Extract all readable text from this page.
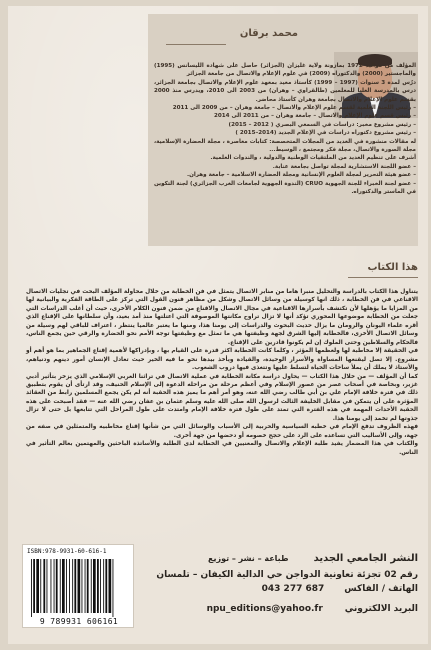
محمد برقان

المؤلف من مواليد 1972 بمازونة ولاية غليزان (الجزائر) حاصل على شهادة الليسانس (1995) والماجستير (2000) والدكتوراه (2009) في علوم الإعلام والاتصال من جامعة الجزائر

درّس لمدة 3 سنوات (1997 – 1999) كأستاذ معيد بمعهد علوم الإعلام والاتصال بجامعة الجزائر، درس بالمدرسة العليا للمعلمين (طالقراوي – وهران) من 2003 الى 2010، ويدرس منذ 2000 بقسم علوم الإعلام والاتصال بجامعة وهران كأستاذ محاضر.

– رئيس اللجنة العلمية لقسم علوم الإعلام والاتصال – جامعة وهران – من 2009 الى 2011

– رئيس قسم علوم الإعلام والاتصال – جامعة وهران – من 2011 الى 2014

– رئيس مشروع مخبر: دراسات في السمعي البصري ( 2012 – 2015)

– رئيس مشروع دكتوراه دراسات في الإعلام الجديد (2014–2015 )

له مقالات منشورة في العديد من المجلات المتخصصة: كتابات معاصرة ، مجلة الحضارة الإسلامية، مجلة الصورة والاتصال، مجلة فكر ومجتمع ، الوسيط...

أشرف على تنظيم العديد من الملتقيات الوطنية والدولية ، والندوات العلمية.

– عضو اللجنة الاستشارية لمجلة تواصل بجامعة عنابة.

– عضو هيئة التحرير لمجلة العلوم الإنسانية ومجلة الحضارة الاسلامية – جامعة وهران.

– عضو لجنة الخبراء للجنة الجهوية CRUO (الندوة الجهوية لجامعات الغرب الجزائري) لجنة التكوين في الماستر والدكتوراه.

هذا الكتاب

يتناول هذا الكتاب بالدراسة والتحليل منبرا هاما من منابر الاتصال يتمثل في فن الخطابة من خلال محاولة المؤلف البحث في تجليات الاتصال الاقناعي في فن الخطابة ، ذلك انها كوسيلة من وسائل الاتصال وشكل من مظاهر فنون القول التي تركز على الطاقة الفكرية والبيانية لها من المزايا ما يؤهلها لأن تكتشف بأسرارها الاقناعية في مجال الاتصال والاقناع من ضمن فنون الكلام الأخرى، حيث أن أغلب الدراسات التي جعلت من الخطابة موضوعها المحوري تؤكد أنها لا تزال تراوح مكانتها الموصوفة التي اعتلتها منذ أمد بعيد، وأن سلطانها على الإقناع الذي أقره علماء اليونان والرومان ما يزال حديث البحوث والدراسات إلى يومنا هذا، ومنها ما يعتبر عالميا ينتظر ، اعتراف للباقي لهم وسيلة من وسائل الاتصال الأخرى، فالخطابة إليها الشرق لجهة وظيفتها هي ما تمثل مع وظيفتها توجه الأمم نحو الحضارة والرقي حين يجمع الناس، فالحكام والسلاطين وحتى الملوك إن لم يكونوا قادرين على الإقناع.

في الحقيقة إلا مخاطبة لها ولعظمها المؤثر ، وكلما كانت الخطابة اكثر قدرة على القيام بها ، وبإدراكها لأهمية إقناع الجماهير بما هو أهم أو مشروع. إلا تصل ليقنعها المساواة والأسرار الوحيدة، والقيادة ويأخذ بيدها نحو ما فيه الخير حيث تعادل الإنسان أمور دينهم ودنياهم، والأستاذ لا يملك أن يملأ ساحات الحياة لتسلط عليها وتتغذى فيها دروب الشعوب.

كما أن المؤلف — من خلال هذا الكتاب — يحاول دراسة مكانة الخطابة في عملية الاتصال في تراثنا العربي الإسلامي الذي يزخر بتأثير أدبي غزير، وبخاصة في أصحاب عصر من عصور الإسلام وفي أعظم مرحلة من مراحله الدعوة إلى الإسلام الحنيف، وقد ارتأى أن يقوم بتطبيق ذلك في فترة خلافة الإمام علي بن أبي طالب رضي الله عنه، وهو أمر أهم ما يميز هذه الحقبة أنه لم يكن يجمع المسلمين رابط من العقائد المؤثرة على أن يتمكن في مقابل الخليفة الثالث لرسول الله صلى الله عليه وسلم عثمان بن عفان رضي الله عنه — فقد أصبحت على هذه الحقبة الأحداث المهمة في هذه الفترة التي تمتد على طول فترة خلافة الإمام وامتدت على طول المراحل التي تتابعها بل حتى لا تزال جذوتها لم تخمد إلى يومنا هذا.

فهذه الظروف تدفع الإمام في خطبه السياسية والحربية إلى الأسباب والوسائل التي من شأنها إقناع مخاطبيه والمتمثلين في صفه من جهة، وإلى الأساليب التي تساعده على الرد على حجج خصومه أو دحضها من جهة أخرى.

والكتاب في هذا المضمار يفيد طلبة الإعلام والاتصال والمعنيين في الخطابة لدى الطلبة والأساتذة الباحثين والمهتمين بعالم التأثير في الناس.

ISBN:978-9931-60-616-1
9 789931 606161
النشر الجامعي الجديد طباعة – نشر – توزيع
رقم 02 تجزئة تعاونية الدواجن حي الدالية الكيفان – تلمسان
الهاتف / الفاكس
043 277 687
البريد الالكتروني
npu_editions@yahoo.fr
